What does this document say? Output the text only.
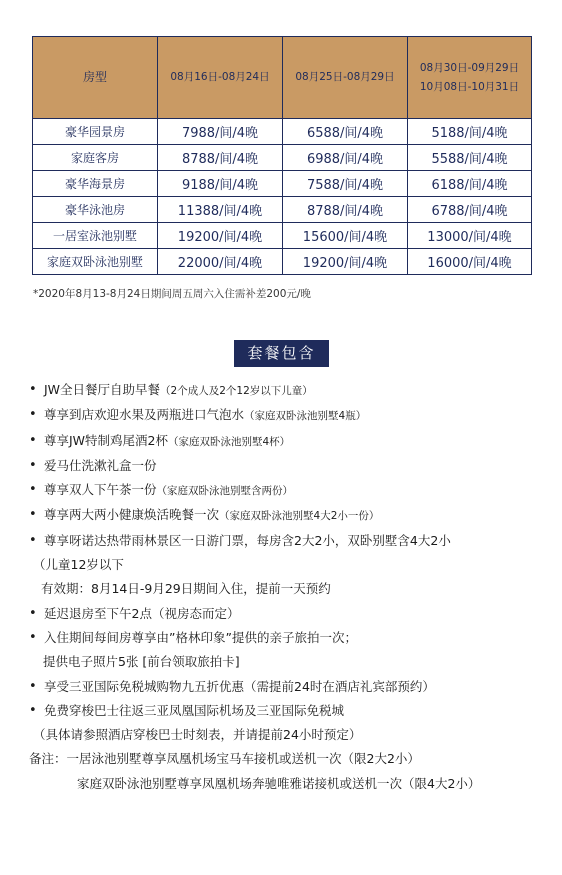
房型	08月16日-08月24日	08月25日-08月29日	08月30日-09月29日
10月08日-10月31日

豪华园景房	7988/间/4晚	6588/间/4晚	5188/间/4晚
家庭客房	8788/间/4晚	6988/间/4晚	5588/间/4晚
豪华海景房	9188/间/4晚	7588/间/4晚	6188/间/4晚
豪华泳池房	11388/间/4晚	8788/间/4晚	6788/间/4晚
一居室泳池别墅	19200/间/4晚	15600/间/4晚	13000/间/4晚
家庭双卧泳池别墅	22000/间/4晚	19200/间/4晚	16000/间/4晚
*2020年8月13-8月24日期间周五周六入住需补差200元/晚
套餐包含
• JW全日餐厅自助早餐（2个成人及2个12岁以下儿童）
• 尊享到店欢迎水果及两瓶进口气泡水（家庭双卧泳池别墅4瓶）
• 尊享JW特制鸡尾酒2杯（家庭双卧泳池别墅4杯）
• 爱马仕洗漱礼盒一份
• 尊享双人下午茶一份（家庭双卧泳池别墅含两份）
• 尊享两大两小健康焕活晚餐一次（家庭双卧泳池别墅4大2小一份）
• 尊享呀诺达热带雨林景区一日游门票，每房含2大2小，双卧别墅含4大2小
（儿童12岁以下
有效期：8月14日-9月29日期间入住，提前一天预约
• 延迟退房至下午2点（视房态而定）
• 入住期间每间房尊享由”格林印象”提供的亲子旅拍一次；
提供电子照片5张 [前台领取旅拍卡]
• 享受三亚国际免税城购物九五折优惠（需提前24时在酒店礼宾部预约）
• 免费穿梭巴士往返三亚凤凰国际机场及三亚国际免税城
（具体请参照酒店穿梭巴士时刻表，并请提前24小时预定）
备注：一居泳池别墅尊享凤凰机场宝马车接机或送机一次（限2大2小）
家庭双卧泳池别墅尊享凤凰机场奔驰唯雅诺接机或送机一次（限4大2小）
